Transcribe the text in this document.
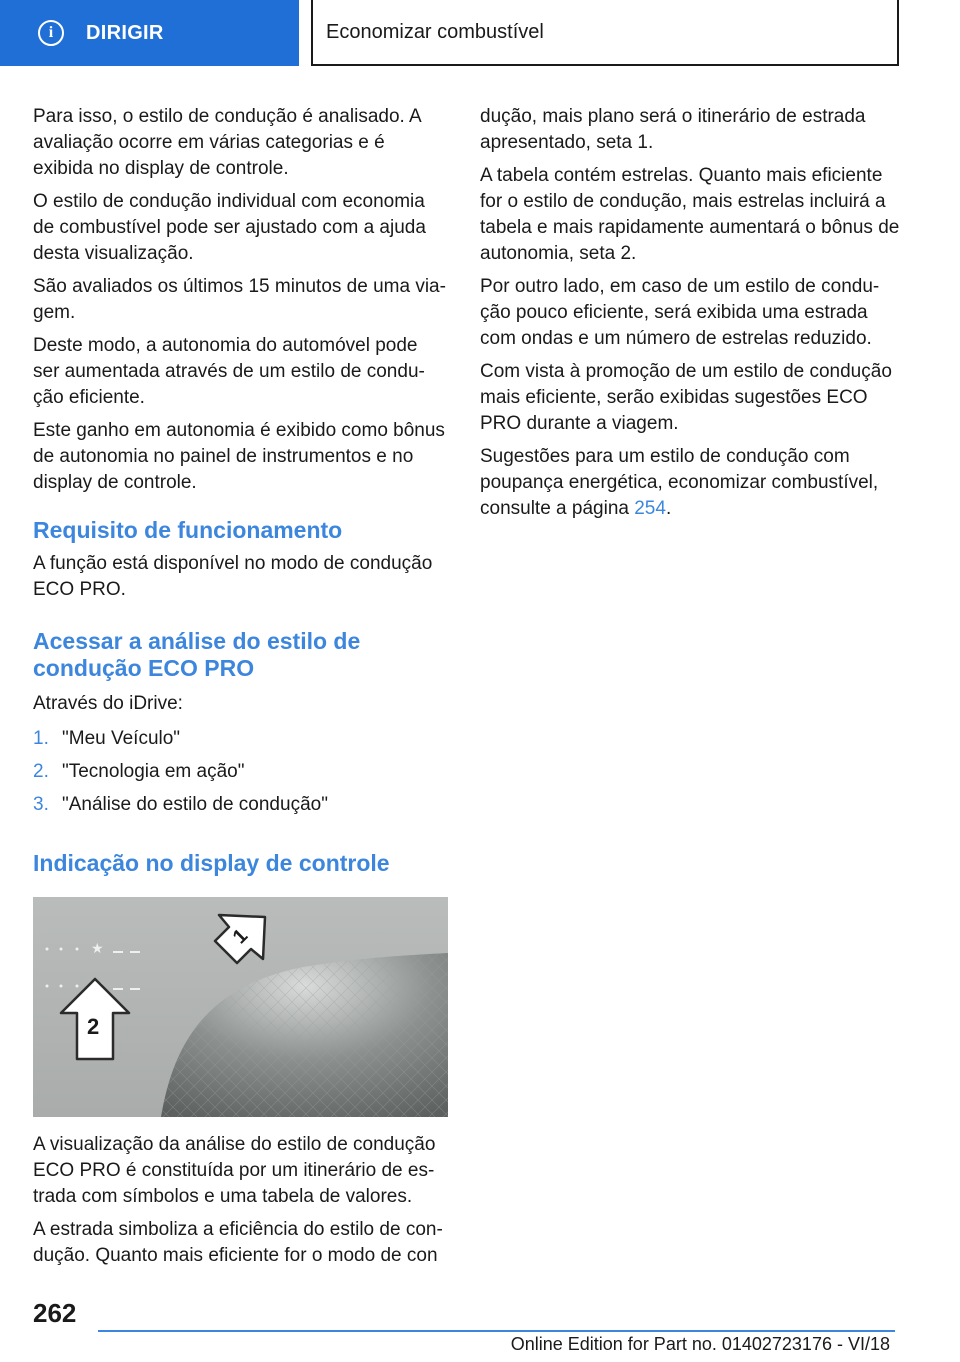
i	DIRIGIR	Economizar combustível

Para isso, o estilo de condução é analisado. A avaliação ocorre em várias categorias e é exibida no display de controle.

O estilo de condução individual com economia de combustível pode ser ajustado com a ajuda desta visualização.

São avaliados os últimos 15 minutos de uma viagem.

Deste modo, a autonomia do automóvel pode ser aumentada através de um estilo de condução eficiente.

Este ganho em autonomia é exibido como bônus de autonomia no painel de instrumentos e no display de controle.

Requisito de funcionamento

A função está disponível no modo de condução ECO PRO.

Acessar a análise do estilo de condução ECO PRO

Através do iDrive:

1. "Meu Veículo"
2. "Tecnologia em ação"
3. "Análise do estilo de condução"
Indicação no display de controle
★
1
2

A visualização da análise do estilo de condução ECO PRO é constituída por um itinerário de estrada com símbolos e uma tabela de valores.

A estrada simboliza a eficiência do estilo de condução. Quanto mais eficiente for o modo de con

dução, mais plano será o itinerário de estrada apresentado, seta 1.

A tabela contém estrelas. Quanto mais eficiente for o estilo de condução, mais estrelas incluirá a tabela e mais rapidamente aumentará o bônus de autonomia, seta 2.

Por outro lado, em caso de um estilo de condução pouco eficiente, será exibida uma estrada com ondas e um número de estrelas reduzido.

Com vista à promoção de um estilo de condução mais eficiente, serão exibidas sugestões ECO PRO durante a viagem.

Sugestões para um estilo de condução com poupança energética, economizar combustível, consulte a página 254.

262
Online Edition for Part no. 01402723176 - VI/18
